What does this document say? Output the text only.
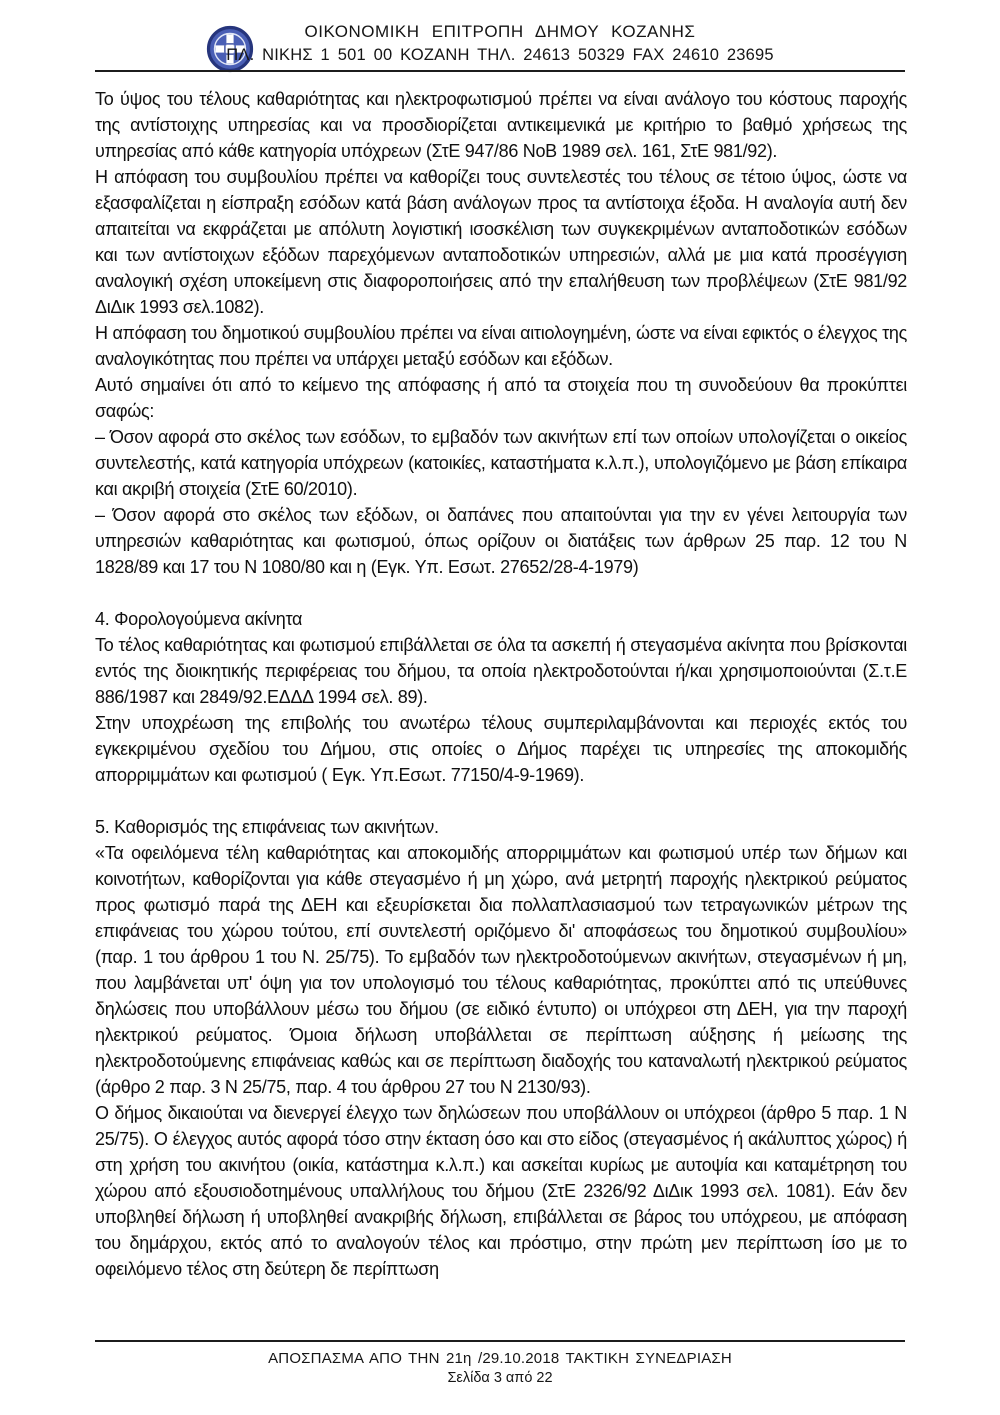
ΟΙΚΟΝΟΜΙΚΗ ΕΠΙΤΡΟΠΗ ΔΗΜΟΥ ΚΟΖΑΝΗΣ
ΠΛ. ΝΙΚΗΣ 1 501 00 ΚΟΖΑΝΗ ΤΗΛ. 24613 50329 FAX 24610 23695

Το ύψος του τέλους καθαριότητας και ηλεκτροφωτισμού πρέπει να είναι ανάλογο του κόστους παροχής της αντίστοιχης υπηρεσίας και να προσδιορίζεται αντικειμενικά με κριτήριο το βαθμό χρήσεως της υπηρεσίας από κάθε κατηγορία υπόχρεων (ΣτΕ 947/86 ΝοΒ 1989 σελ. 161, ΣτΕ 981/92).

Η απόφαση του συμβουλίου πρέπει να καθορίζει τους συντελεστές του τέλους σε τέτοιο ύψος, ώστε να εξασφαλίζεται η είσπραξη εσόδων κατά βάση ανάλογων προς τα αντίστοιχα έξοδα. Η αναλογία αυτή δεν απαιτείται να εκφράζεται με απόλυτη λογιστική ισοσκέλιση των συγκεκριμένων ανταποδοτικών εσόδων και των αντίστοιχων εξόδων παρεχόμενων ανταποδοτικών υπηρεσιών, αλλά με μια κατά προσέγγιση αναλογική σχέση υποκείμενη στις διαφοροποιήσεις από την επαλήθευση των προβλέψεων (ΣτΕ 981/92 ΔιΔικ 1993 σελ.1082).

Η απόφαση του δημοτικού συμβουλίου πρέπει να είναι αιτιολογημένη, ώστε να είναι εφικτός ο έλεγχος της αναλογικότητας που πρέπει να υπάρχει μεταξύ εσόδων και εξόδων.

Αυτό σημαίνει ότι από το κείμενο της απόφασης ή από τα στοιχεία που τη συνοδεύουν θα προκύπτει σαφώς:

– Όσον αφορά στο σκέλος των εσόδων, το εμβαδόν των ακινήτων επί των οποίων υπολογίζεται ο οικείος συντελεστής, κατά κατηγορία υπόχρεων (κατοικίες, καταστήματα κ.λ.π.), υπολογιζόμενο με βάση επίκαιρα και ακριβή στοιχεία (ΣτΕ 60/2010).

– Όσον αφορά στο σκέλος των εξόδων, οι δαπάνες που απαιτούνται για την εν γένει λειτουργία των υπηρεσιών καθαριότητας και φωτισμού, όπως ορίζουν οι διατάξεις των άρθρων 25 παρ. 12 του Ν 1828/89 και 17 του Ν 1080/80 και η (Εγκ. Υπ. Εσωτ. 27652/28-4-1979)

4. Φορολογούμενα ακίνητα

Το τέλος καθαριότητας και φωτισμού επιβάλλεται σε όλα τα ασκεπή ή στεγασμένα ακίνητα που βρίσκονται εντός της διοικητικής περιφέρειας του δήμου, τα οποία ηλεκτροδοτούνται ή/και χρησιμοποιούνται (Σ.τ.Ε 886/1987 και 2849/92.ΕΔΔΔ 1994 σελ. 89).

Στην υποχρέωση της επιβολής του ανωτέρω τέλους συμπεριλαμβάνονται και περιοχές εκτός του εγκεκριμένου σχεδίου του Δήμου, στις οποίες ο Δήμος παρέχει τις υπηρεσίες της αποκομιδής απορριμμάτων και φωτισμού ( Εγκ. Υπ.Εσωτ. 77150/4-9-1969).

5. Καθορισμός της επιφάνειας των ακινήτων.

«Τα οφειλόμενα τέλη καθαριότητας και αποκομιδής απορριμμάτων και φωτισμού υπέρ των δήμων και κοινοτήτων, καθορίζονται για κάθε στεγασμένο ή μη χώρο, ανά μετρητή παροχής ηλεκτρικού ρεύματος προς φωτισμό παρά της ΔΕΗ και εξευρίσκεται δια πολλαπλασιασμού των τετραγωνικών μέτρων της επιφάνειας του χώρου τούτου, επί συντελεστή οριζόμενο δι' αποφάσεως του δημοτικού συμβουλίου» (παρ. 1 του άρθρου 1 του Ν. 25/75). Το εμβαδόν των ηλεκτροδοτούμενων ακινήτων, στεγασμένων ή μη, που λαμβάνεται υπ' όψη για τον υπολογισμό του τέλους καθαριότητας, προκύπτει από τις υπεύθυνες δηλώσεις που υποβάλλουν μέσω του δήμου (σε ειδικό έντυπο) οι υπόχρεοι στη ΔΕΗ, για την παροχή ηλεκτρικού ρεύματος. Όμοια δήλωση υποβάλλεται σε περίπτωση αύξησης ή μείωσης της ηλεκτροδοτούμενης επιφάνειας καθώς και σε περίπτωση διαδοχής του καταναλωτή ηλεκτρικού ρεύματος (άρθρο 2 παρ. 3 Ν 25/75, παρ. 4 του άρθρου 27 του Ν 2130/93).

Ο δήμος δικαιούται να διενεργεί έλεγχο των δηλώσεων που υποβάλλουν οι υπόχρεοι (άρθρο 5 παρ. 1 Ν 25/75). Ο έλεγχος αυτός αφορά τόσο στην έκταση όσο και στο είδος (στεγασμένος ή ακάλυπτος χώρος) ή στη χρήση του ακινήτου (οικία, κατάστημα κ.λ.π.) και ασκείται κυρίως με αυτοψία και καταμέτρηση του χώρου από εξουσιοδοτημένους υπαλλήλους του δήμου (ΣτΕ 2326/92 ΔιΔικ 1993 σελ. 1081). Εάν δεν υποβληθεί δήλωση ή υποβληθεί ανακριβής δήλωση, επιβάλλεται σε βάρος του υπόχρεου, με απόφαση του δημάρχου, εκτός από το αναλογούν τέλος και πρόστιμο, στην πρώτη μεν περίπτωση ίσο με το οφειλόμενο τέλος στη δεύτερη δε περίπτωση

ΑΠΟΣΠΑΣΜΑ ΑΠΟ ΤΗΝ 21η /29.10.2018 ΤΑΚΤΙΚΗ ΣΥΝΕΔΡΙΑΣΗ
Σελίδα 3 από 22
